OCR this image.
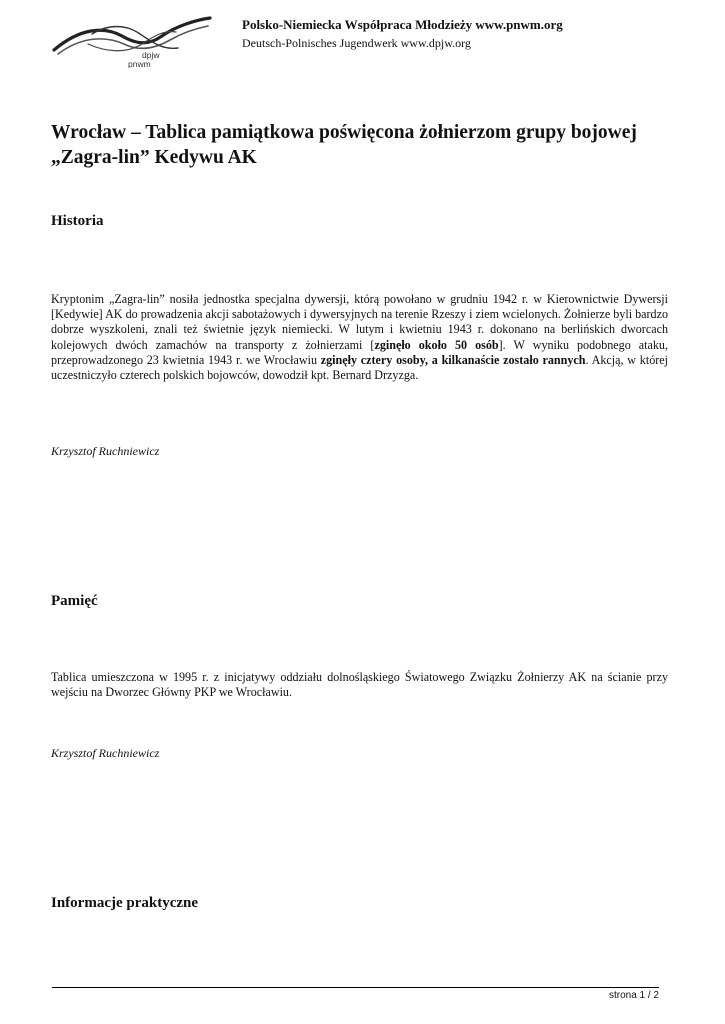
dpjw
pnwm
Polsko-Niemiecka Współpraca Młodzieży www.pnwm.org
Deutsch-Polnisches Jugendwerk www.dpjw.org
Wrocław – Tablica pamiątkowa poświęcona żołnierzom grupy bojowej „Zagra-lin” Kedywu AK
Historia

Kryptonim „Zagra-lin” nosiła jednostka specjalna dywersji, którą powołano w grudniu 1942 r. w Kierownictwie Dywersji [Kedywie] AK do prowadzenia akcji sabotażowych i dywersyjnych na terenie Rzeszy i ziem wcielonych. Żołnierze byli bardzo dobrze wyszkoleni, znali też świetnie język niemiecki. W lutym i kwietniu 1943 r. dokonano na berlińskich dworcach kolejowych dwóch zamachów na transporty z żołnierzami [zginęło około 50 osób]. W wyniku podobnego ataku, przeprowadzonego 23 kwietnia 1943 r. we Wrocławiu zginęły cztery osoby, a kilkanaście zostało rannych. Akcją, w której uczestniczyło czterech polskich bojowców, dowodził kpt. Bernard Drzyzga.

Krzysztof Ruchniewicz

Pamięć

Tablica umieszczona w 1995 r. z inicjatywy oddziału dolnośląskiego Światowego Związku Żołnierzy AK na ścianie przy wejściu na Dworzec Główny PKP we Wrocławiu.

Krzysztof Ruchniewicz

Informacje praktyczne
strona 1 / 2
